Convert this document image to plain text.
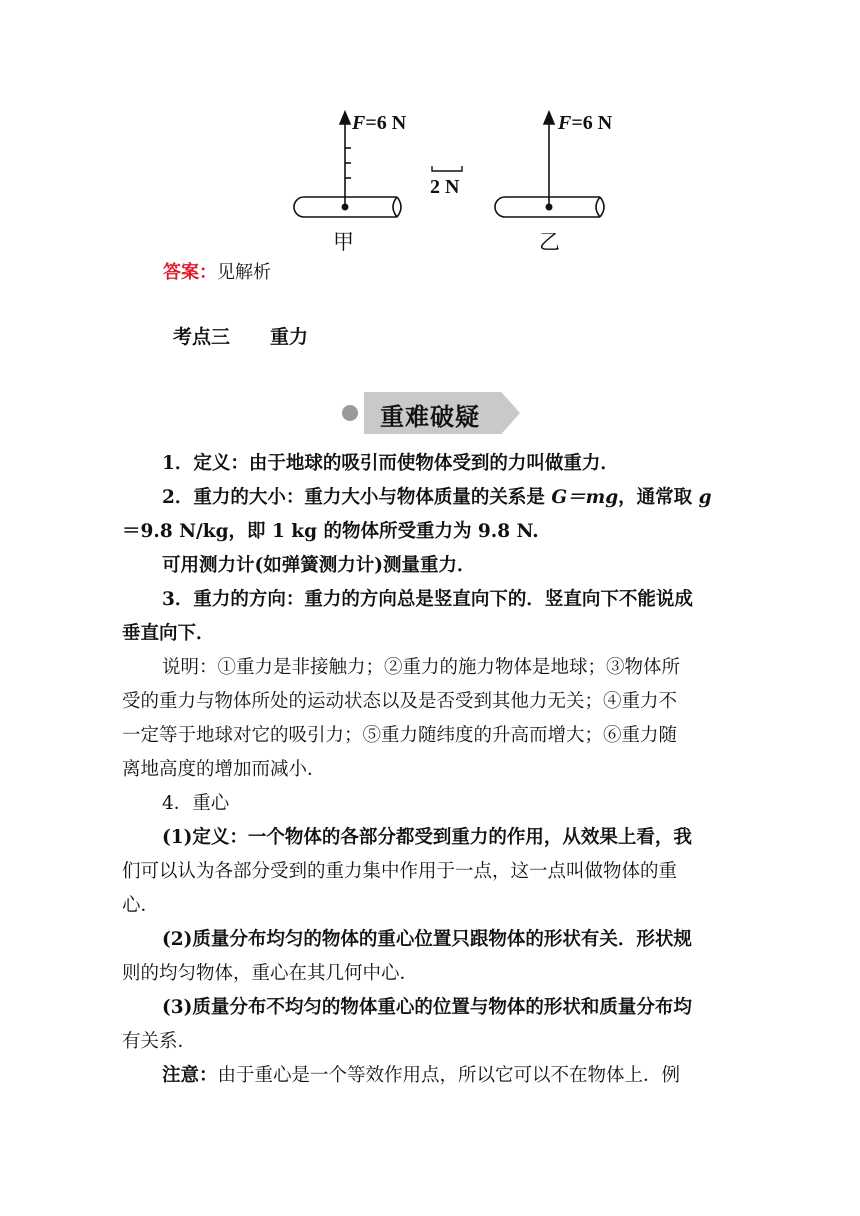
F=6 N
2 N
F=6 N
甲	乙
答案：见解析
考点三 重力
重难破疑
1．定义：由于地球的吸引而使物体受到的力叫做重力．
2．重力的大小：重力大小与物体质量的关系是 G＝mg，通常取 g
＝9.8 N/kg，即 1 kg 的物体所受重力为 9.8 N.
可用测力计(如弹簧测力计)测量重力．
3．重力的方向：重力的方向总是竖直向下的．竖直向下不能说成
垂直向下．
说明：①重力是非接触力；②重力的施力物体是地球；③物体所
受的重力与物体所处的运动状态以及是否受到其他力无关；④重力不
一定等于地球对它的吸引力；⑤重力随纬度的升高而增大；⑥重力随
离地高度的增加而减小．
4．重心
(1)定义：一个物体的各部分都受到重力的作用，从效果上看，我
们可以认为各部分受到的重力集中作用于一点，这一点叫做物体的重
心．
(2)质量分布均匀的物体的重心位置只跟物体的形状有关．形状规
则的均匀物体，重心在其几何中心．
(3)质量分布不均匀的物体重心的位置与物体的形状和质量分布均
有关系．
注意：由于重心是一个等效作用点，所以它可以不在物体上．例
